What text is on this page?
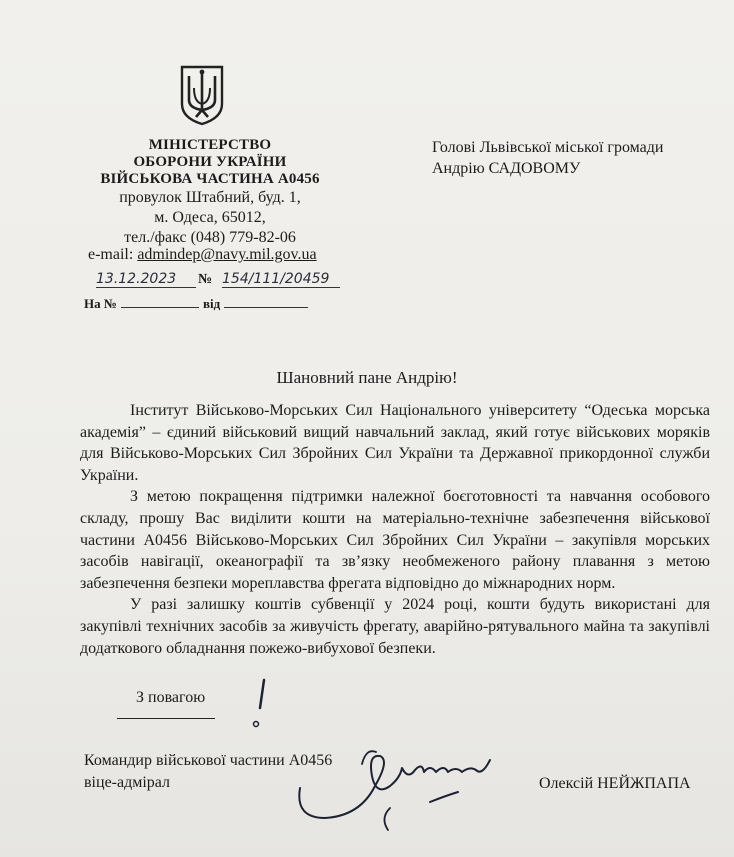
МІНІСТЕРСТВО
ОБОРОНИ УКРАЇНИ
ВІЙСЬКОВА ЧАСТИНА А0456
провулок Штабний, буд. 1,
м. Одеса, 65012,
тел./факс (048) 779-82-06
e-mail: admindep@navy.mil.gov.ua
13.12.2023	№ 154/111/20459
На №	від
Голові Львівської міської громади
Андрію САДОВОМУ
Шановний пане Андрію!

Інститут Військово-Морських Сил Національного університету “Одеська морська академія” – єдиний військовий вищий навчальний заклад, який готує військових моряків для Військово-Морських Сил Збройних Сил України та Державної прикордонної служби України.

З метою покращення підтримки належної боєготовності та навчання особового складу, прошу Вас виділити кошти на матеріально-технічне забезпечення військової частини А0456 Військово-Морських Сил Збройних Сил України – закупівля морських засобів навігації, океанографії та зв’язку необмеженого району плавання з метою забезпечення безпеки мореплавства фрегата відповідно до міжнародних норм.

У разі залишку коштів субвенції у 2024 році, кошти будуть використані для закупівлі технічних засобів за живучість фрегату, аварійно-рятувального майна та закупівлі додаткового обладнання пожежо-вибухової безпеки.

З повагою
Командир військової частини А0456
віце-адмірал	Олексій НЕЙЖПАПА
